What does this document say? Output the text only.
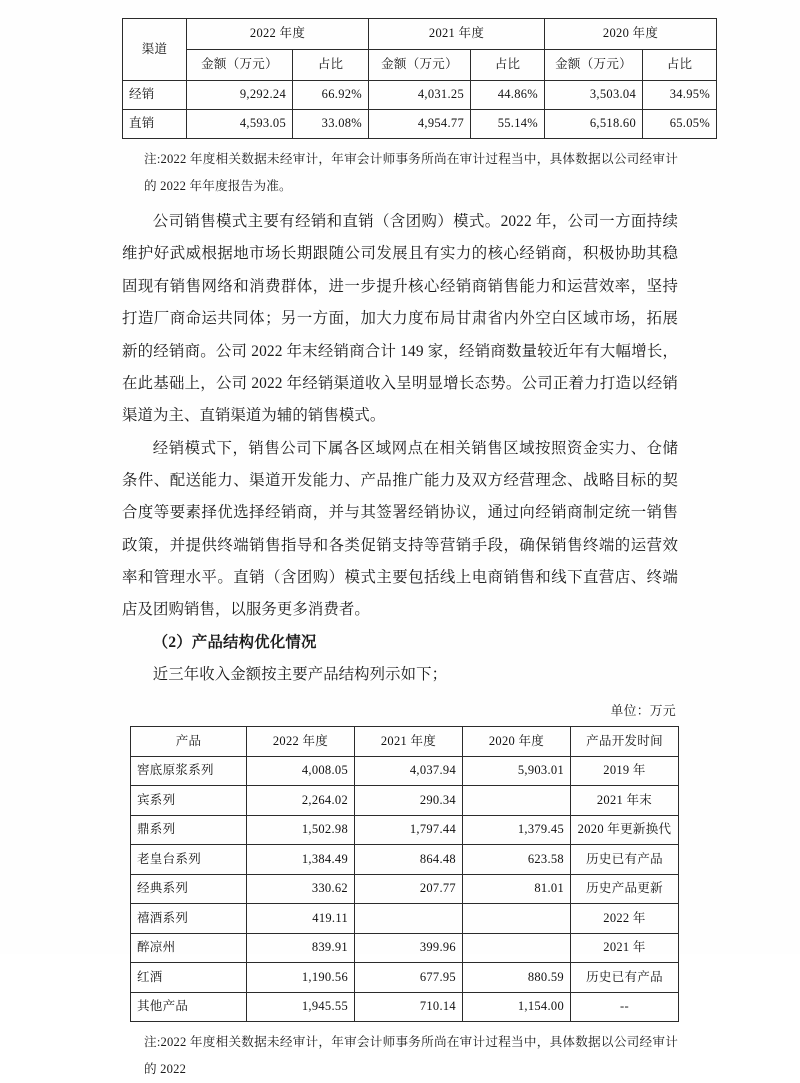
渠道	2022 年度		2021 年度		2020 年度	
	金额（万元）	占比	金额（万元）	占比	金额（万元）	占比
经销	9,292.24	66.92%	4,031.25	44.86%	3,503.04	34.95%
直销	4,593.05	33.08%	4,954.77	55.14%	6,518.60	65.05%

注:2022 年度相关数据未经审计，年审会计师事务所尚在审计过程当中，具体数据以公司经审计的 2022 年年度报告为准。

公司销售模式主要有经销和直销（含团购）模式。2022 年，公司一方面持续维护好武威根据地市场长期跟随公司发展且有实力的核心经销商，积极协助其稳固现有销售网络和消费群体，进一步提升核心经销商销售能力和运营效率，坚持打造厂商命运共同体；另一方面，加大力度布局甘肃省内外空白区域市场，拓展新的经销商。公司 2022 年末经销商合计 149 家，经销商数量较近年有大幅增长，在此基础上，公司 2022 年经销渠道收入呈明显增长态势。公司正着力打造以经销渠道为主、直销渠道为辅的销售模式。

经销模式下，销售公司下属各区域网点在相关销售区域按照资金实力、仓储条件、配送能力、渠道开发能力、产品推广能力及双方经营理念、战略目标的契合度等要素择优选择经销商，并与其签署经销协议，通过向经销商制定统一销售政策，并提供终端销售指导和各类促销支持等营销手段，确保销售终端的运营效率和管理水平。直销（含团购）模式主要包括线上电商销售和线下直营店、终端店及团购销售，以服务更多消费者。

（2）产品结构优化情况

近三年收入金额按主要产品结构列示如下；

单位：万元

产品	2022 年度	2021 年度	2020 年度	产品开发时间
窖底原浆系列	4,008.05	4,037.94	5,903.01	2019 年
宾系列	2,264.02	290.34		2021 年末
鼎系列	1,502.98	1,797.44	1,379.45	2020 年更新换代
老皇台系列	1,384.49	864.48	623.58	历史已有产品
经典系列	330.62	207.77	81.01	历史产品更新
禧酒系列	419.11			2022 年
醉凉州	839.91	399.96		2021 年
红酒	1,190.56	677.95	880.59	历史已有产品
其他产品	1,945.55	710.14	1,154.00	--

注:2022 年度相关数据未经审计，年审会计师事务所尚在审计过程当中，具体数据以公司经审计的 2022
